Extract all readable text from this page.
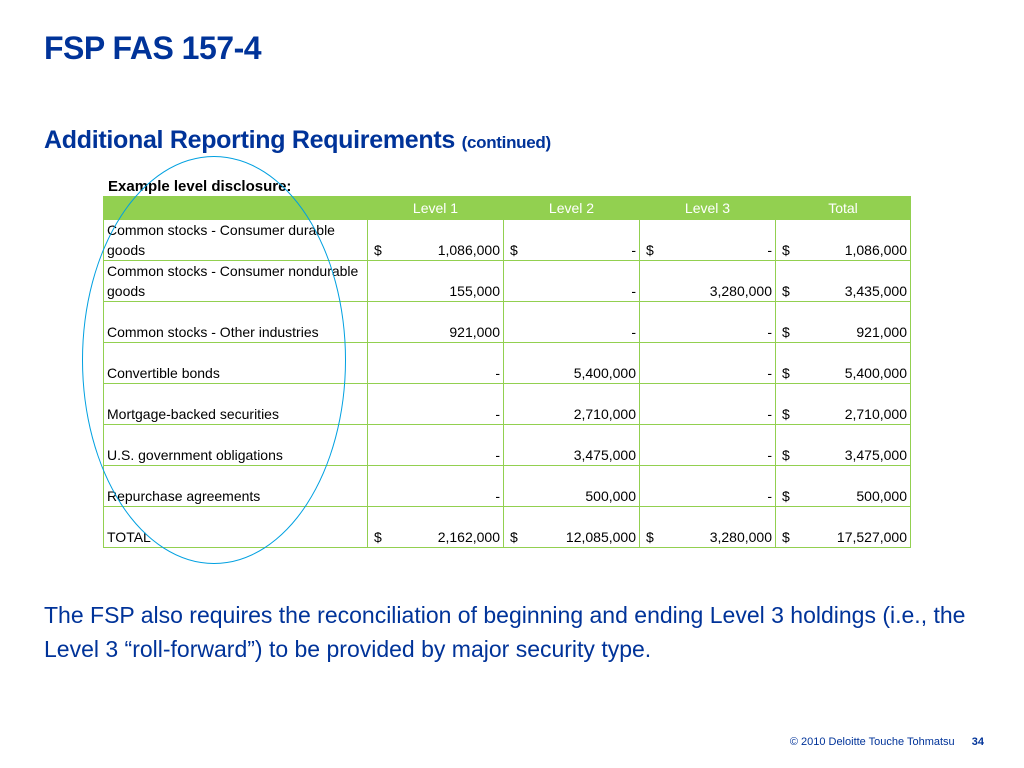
FSP FAS 157-4
Additional Reporting Requirements (continued)
Example level disclosure:
	Level 1	Level 2	Level 3	Total

Common stocks - Consumer durable goods	$ 1,086,000	$ -	$ -	$ 1,086,000

Common stocks - Consumer nondurable goods	155,000	-	3,280,000	$ 3,435,000

Common stocks - Other industries	921,000	-	-	$ 921,000

Convertible bonds	-	5,400,000	-	$ 5,400,000

Mortgage-backed securities	-	2,710,000	-	$ 2,710,000

U.S. government obligations	-	3,475,000	-	$ 3,475,000

Repurchase agreements	-	500,000	-	$ 500,000

TOTAL	$ 2,162,000	$ 12,085,000	$ 3,280,000	$ 17,527,000
The FSP also requires the reconciliation of beginning and ending Level 3 holdings (i.e., the Level 3 “roll-forward”) to be provided by major security type.
© 2010 Deloitte Touche Tohmatsu 34
